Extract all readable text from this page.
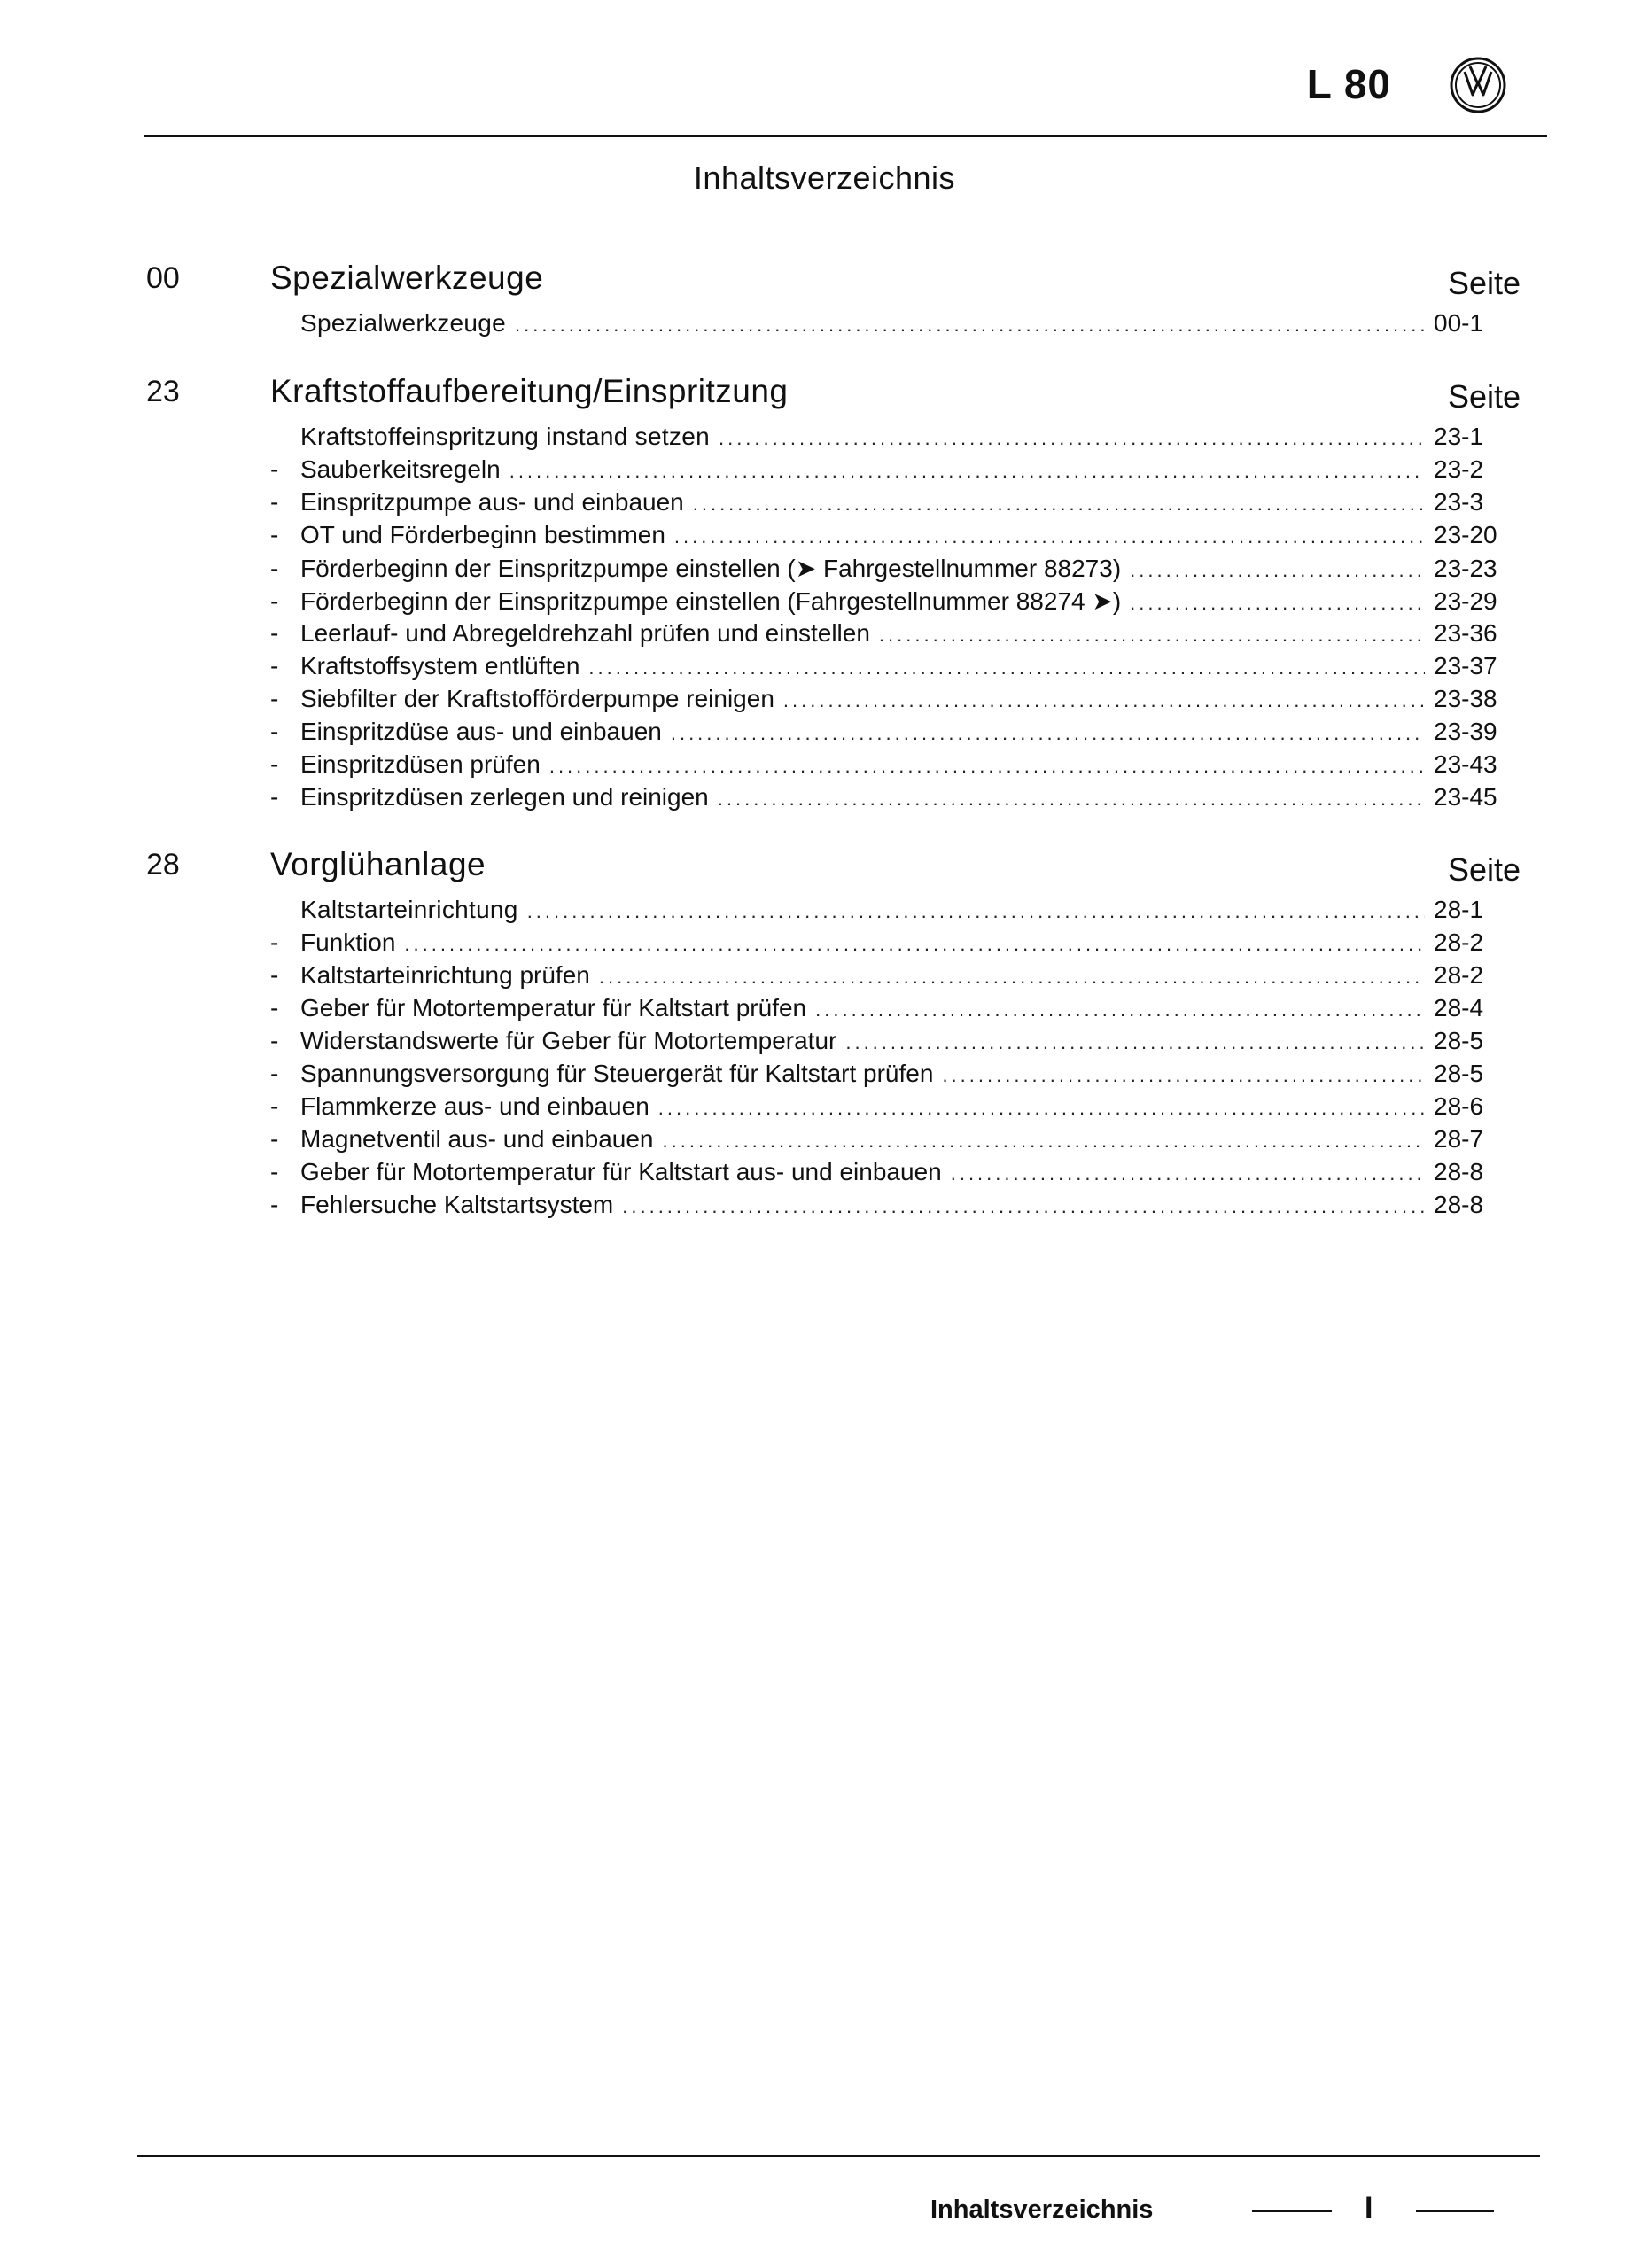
L 80
Inhaltsverzeichnis
00	Spezialwerkzeuge	Seite
Spezialwerkzeuge .....	00-1
23	Kraftstoffaufbereitung/Einspritzung	Seite
Kraftstoffeinspritzung instand setzen .....	23-1
- Sauberkeitsregeln .....	23-2
- Einspritzpumpe aus- und einbauen .....	23-3
- OT und Förderbeginn bestimmen .....	23-20
- Förderbeginn der Einspritzpumpe einstellen (➤ Fahrgestellnummer 88273) .....	23-23
- Förderbeginn der Einspritzpumpe einstellen (Fahrgestellnummer 88274 ➤) .....	23-29
- Leerlauf- und Abregeldrehzahl prüfen und einstellen .....	23-36
- Kraftstoffsystem entlüften .....	23-37
- Siebfilter der Kraftstofförderpumpe reinigen .....	23-38
- Einspritzdüse aus- und einbauen .....	23-39
- Einspritzdüsen prüfen .....	23-43
- Einspritzdüsen zerlegen und reinigen .....	23-45
28	Vorglühanlage	Seite
Kaltstarteinrichtung .....	28-1
- Funktion .....	28-2
- Kaltstarteinrichtung prüfen .....	28-2
- Geber für Motortemperatur für Kaltstart prüfen .....	28-4
- Widerstandswerte für Geber für Motortemperatur .....	28-5
- Spannungsversorgung für Steuergerät für Kaltstart prüfen .....	28-5
- Flammkerze aus- und einbauen .....	28-6
- Magnetventil aus- und einbauen .....	28-7
- Geber für Motortemperatur für Kaltstart aus- und einbauen .....	28-8
- Fehlersuche Kaltstartsystem .....	28-8
Inhaltsverzeichnis	I
